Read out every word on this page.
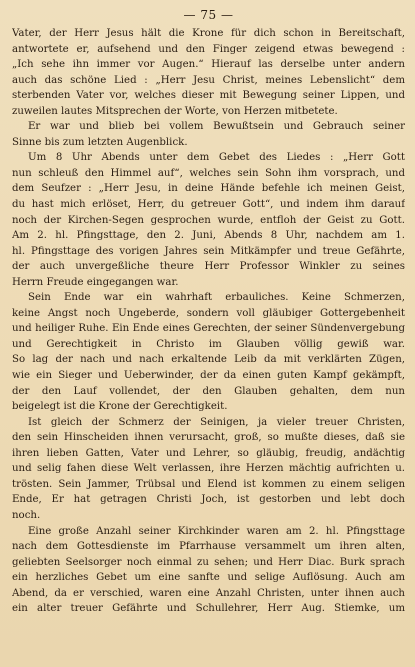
— 75 —
Vater, der Herr Jesus hält die Krone für dich schon in Bereitschaft,
antwortete er, aufsehend und den Finger zeigend etwas bewegend :
„Ich sehe ihn immer vor Augen.“ Hierauf las derselbe unter andern
auch das schöne Lied : „Herr Jesu Christ, meines Lebenslicht“ dem
sterbenden Vater vor, welches dieser mit Bewegung seiner Lippen, und
zuweilen lautes Mitsprechen der Worte, von Herzen mitbetete.
Er war und blieb bei vollem Bewußtsein und Gebrauch seiner
Sinne bis zum letzten Augenblick.
Um 8 Uhr Abends unter dem Gebet des Liedes : „Herr Gott
nun schleuß den Himmel auf“, welches sein Sohn ihm vorsprach, und
dem Seufzer : „Herr Jesu, in deine Hände befehle ich meinen Geist,
du hast mich erlöset, Herr, du getreuer Gott“, und indem ihm darauf
noch der Kirchen-Segen gesprochen wurde, entfloh der Geist zu Gott.
Am 2. hl. Pfingsttage, den 2. Juni, Abends 8 Uhr, nachdem am 1.
hl. Pfingsttage des vorigen Jahres sein Mitkämpfer und treue Gefährte,
der auch unvergeßliche theure Herr Professor Winkler zu seines
Herrn Freude eingegangen war.
Sein Ende war ein wahrhaft erbauliches. Keine Schmerzen,
keine Angst noch Ungeberde, sondern voll gläubiger Gottergebenheit
und heiliger Ruhe. Ein Ende eines Gerechten, der seiner Sündenvergebung
und Gerechtigkeit in Christo im Glauben völlig gewiß war.
So lag der nach und nach erkaltende Leib da mit verklärten Zügen,
wie ein Sieger und Ueberwinder, der da einen guten Kampf gekämpft,
der den Lauf vollendet, der den Glauben gehalten, dem nun
beigelegt ist die Krone der Gerechtigkeit.
Ist gleich der Schmerz der Seinigen, ja vieler treuer Christen,
den sein Hinscheiden ihnen verursacht, groß, so mußte dieses, daß sie
ihren lieben Gatten, Vater und Lehrer, so gläubig, freudig, andächtig
und selig fahen diese Welt verlassen, ihre Herzen mächtig aufrichten u.
trösten. Sein Jammer, Trübsal und Elend ist kommen zu einem seligen
Ende, Er hat getragen Christi Joch, ist gestorben und lebt doch
noch.
Eine große Anzahl seiner Kirchkinder waren am 2. hl. Pfingsttage
nach dem Gottesdienste im Pfarrhause versammelt um ihren alten,
geliebten Seelsorger noch einmal zu sehen; und Herr Diac. Burk sprach
ein herzliches Gebet um eine sanfte und selige Auflösung. Auch am
Abend, da er verschied, waren eine Anzahl Christen, unter ihnen auch
ein alter treuer Gefährte und Schullehrer, Herr Aug. Stiemke, um
